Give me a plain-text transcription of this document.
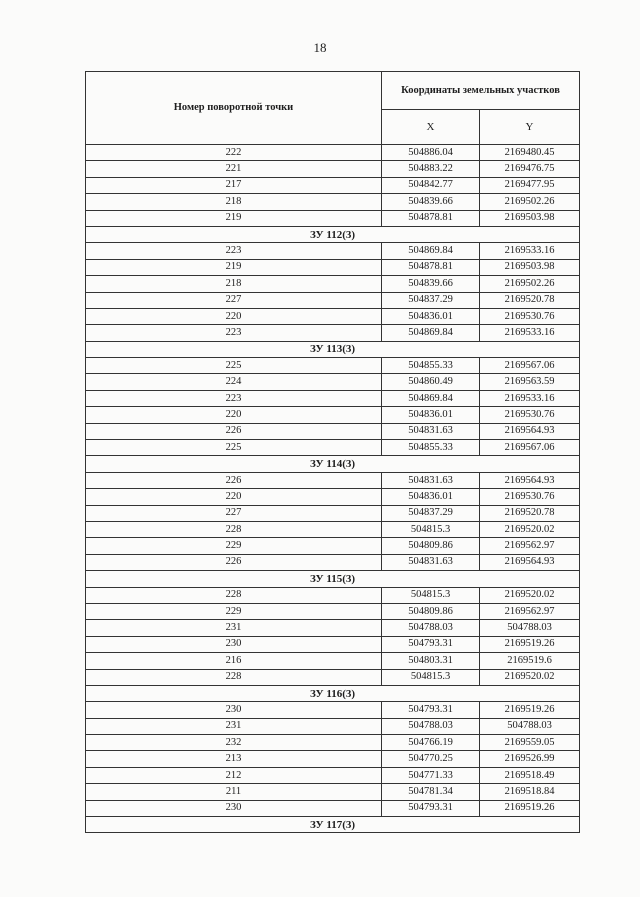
18
Номер поворотной точки	Координаты земельных участков	
	X	Y
222	504886.04	2169480.45
221	504883.22	2169476.75
217	504842.77	2169477.95
218	504839.66	2169502.26
219	504878.81	2169503.98
ЗУ 112(3)		
223	504869.84	2169533.16
219	504878.81	2169503.98
218	504839.66	2169502.26
227	504837.29	2169520.78
220	504836.01	2169530.76
223	504869.84	2169533.16
ЗУ 113(3)		
225	504855.33	2169567.06
224	504860.49	2169563.59
223	504869.84	2169533.16
220	504836.01	2169530.76
226	504831.63	2169564.93
225	504855.33	2169567.06
ЗУ 114(3)		
226	504831.63	2169564.93
220	504836.01	2169530.76
227	504837.29	2169520.78
228	504815.3	2169520.02
229	504809.86	2169562.97
226	504831.63	2169564.93
ЗУ 115(3)		
228	504815.3	2169520.02
229	504809.86	2169562.97
231	504788.03	504788.03
230	504793.31	2169519.26
216	504803.31	2169519.6
228	504815.3	2169520.02
ЗУ 116(3)		
230	504793.31	2169519.26
231	504788.03	504788.03
232	504766.19	2169559.05
213	504770.25	2169526.99
212	504771.33	2169518.49
211	504781.34	2169518.84
230	504793.31	2169519.26
ЗУ 117(3)		
